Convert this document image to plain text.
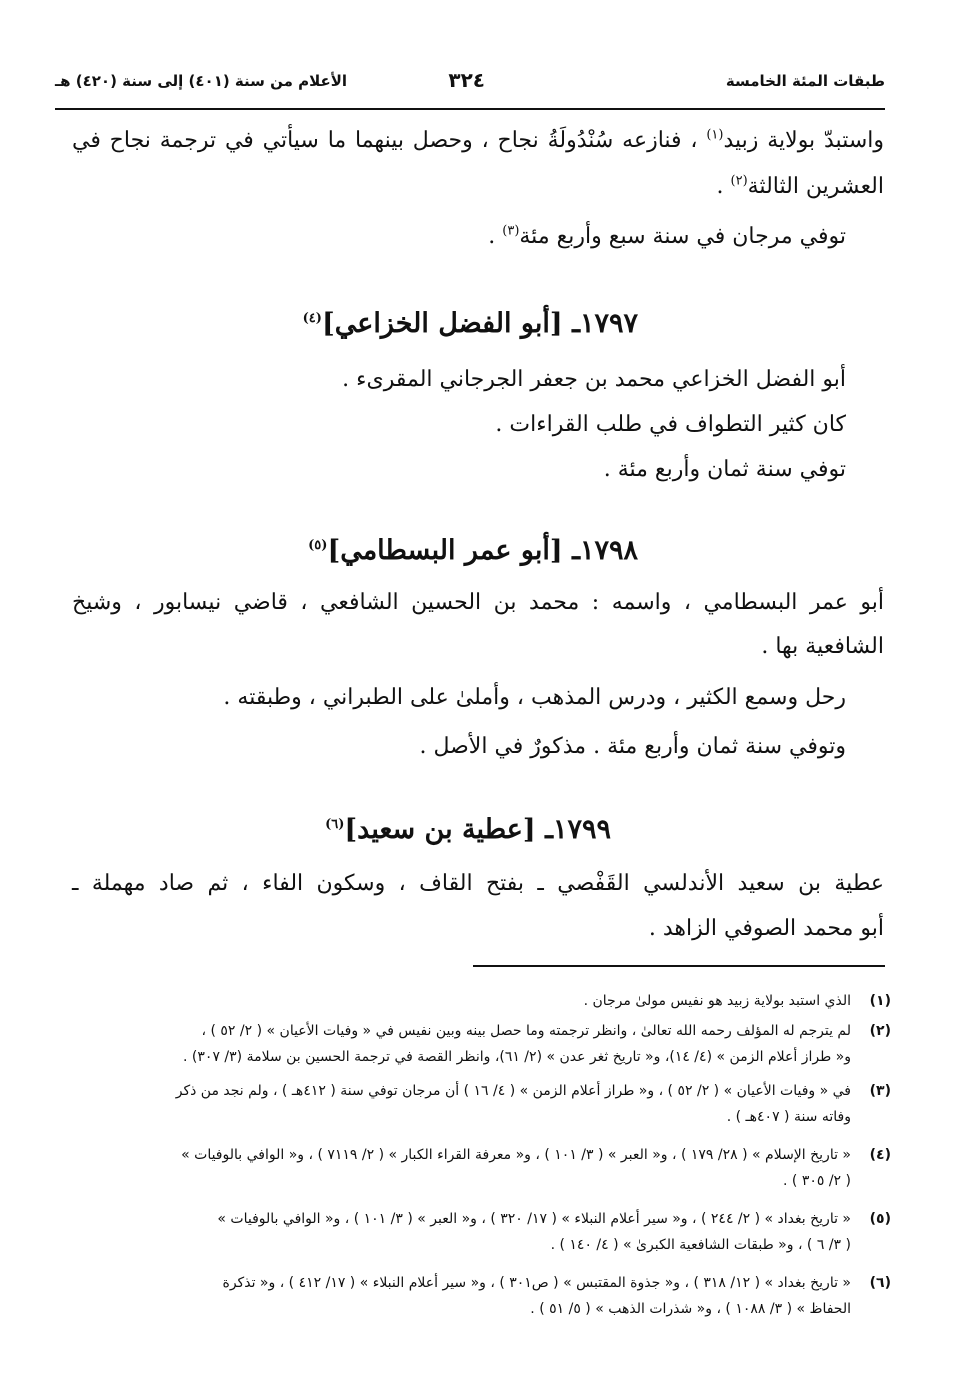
طبقات المئة الخامسة
٣٢٤
الأعلام من سنة (٤٠١) إلى سنة (٤٢٠) هـ
واستبدّ بولاية زبيد$^{(١)}$ ، فنازعه سُنْدُولَةُ نجاح ، وحصل بينهما ما سيأتي في ترجمة نجاح في
العشرين الثالثة$^{(٢)}$ .
توفي مرجان في سنة سبع وأربع مئة$^{(٣)}$ .
١٧٩٧ـ [أبو الفضل الخزاعي]$^{(٤)}$
أبو الفضل الخزاعي محمد بن جعفر الجرجاني المقرىء .
كان كثير التطواف في طلب القراءات .
توفي سنة ثمان وأربع مئة .
١٧٩٨ـ [أبو عمر البسطامي]$^{(٥)}$
أبو عمر البسطامي ، واسمه : محمد بن الحسين الشافعي ، قاضي نيسابور ، وشيخ
الشافعية بها .
رحل وسمع الكثير ، ودرس المذهب ، وأملىٰ على الطبراني ، وطبقته .
وتوفي سنة ثمان وأربع مئة . مذكورٌ في الأصل .
١٧٩٩ـ [عطية بن سعيد]$^{(٦)}$
عطية بن سعيد الأندلسي القَفْصي ـ بفتح القاف ، وسكون الفاء ، ثم صاد مهملة ـ
أبو محمد الصوفي الزاهد .
(١)
الذي استبد بولاية زبيد هو نفيس مولىٰ مرجان .
(٢)
لم يترجم له المؤلف رحمه الله تعالىٰ ، وانظر ترجمته وما حصل بينه وبين نفيس في « وفيات الأعيان » ( ٢/ ٥٢ ) ،
و« طراز أعلام الزمن » (٤/ ١٤)، و« تاريخ ثغر عدن » (٢/ ٦١)، وانظر القصة في ترجمة الحسين بن سلامة (٣/ ٣٠٧) .
(٣)
في « وفيات الأعيان » ( ٢/ ٥٢ ) ، و« طراز أعلام الزمن » ( ٤/ ١٦ ) أن مرجان توفي سنة ( ٤١٢هـ ) ، ولم نجد من ذكر
وفاته سنة ( ٤٠٧هـ ) .
(٤)
« تاريخ الإسلام » ( ٢٨/ ١٧٩ ) ، و« العبر » ( ٣/ ١٠١ ) ، و« معرفة القراء الكبار » ( ٢/ ٧١١٩ ) ، و« الوافي بالوفيات »
( ٢/ ٣٠٥ ) .
(٥)
« تاريخ بغداد » ( ٢/ ٢٤٤ ) ، و« سير أعلام النبلاء » ( ١٧/ ٣٢٠ ) ، و« العبر » ( ٣/ ١٠١ ) ، و« الوافي بالوفيات »
( ٣/ ٦ ) ، و« طبقات الشافعية الكبرىٰ » ( ٤/ ١٤٠ ) .
(٦)
« تاريخ بغداد » ( ١٢/ ٣١٨ ) ، و« جذوة المقتبس » ( ص٣٠١ ) ، و« سير أعلام النبلاء » ( ١٧/ ٤١٢ ) ، و« تذكرة
الحفاظ » ( ٣/ ١٠٨٨ ) ، و« شذرات الذهب » ( ٥/ ٥١ ) .
